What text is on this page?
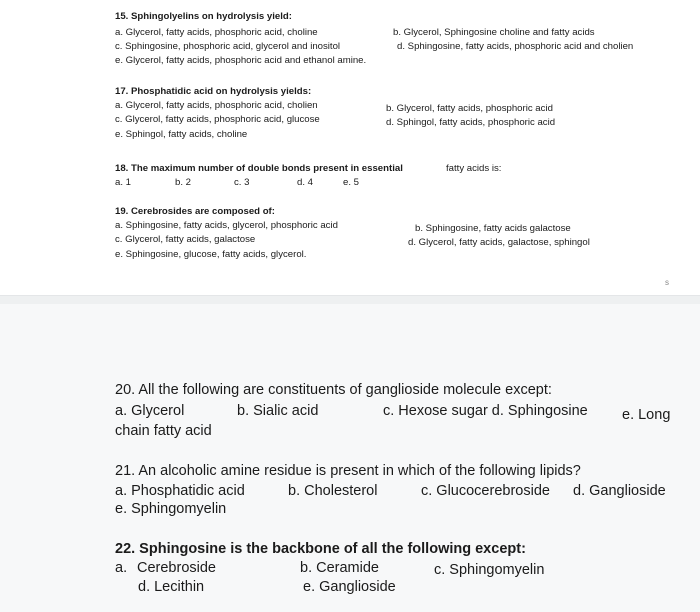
15. Sphingolyelins on hydrolysis yield:
a. Glycerol, fatty acids, phosphoric acid, choline	b. Glycerol, Sphingosine choline and fatty acids
c. Sphingosine, phosphoric acid, glycerol and inositol	d. Sphingosine, fatty acids, phosphoric acid and cholien
e. Glycerol, fatty acids, phosphoric acid and ethanol amine.
17. Phosphatidic acid on hydrolysis yields:
a. Glycerol, fatty acids, phosphoric acid, cholien	b. Glycerol, fatty acids, phosphoric acid
c. Glycerol, fatty acids, phosphoric acid, glucose	d. Sphingol, fatty acids, phosphoric acid
e. Sphingol, fatty acids, choline
18. The maximum number of double bonds present in essential	fatty acids is:
a. 1	b. 2	c. 3	d. 4	e. 5
19. Cerebrosides are composed of:
a. Sphingosine, fatty acids, glycerol, phosphoric acid	b. Sphingosine, fatty acids galactose
c. Glycerol, fatty acids, galactose	d. Glycerol, fatty acids, galactose, sphingol
e. Sphingosine, glucose, fatty acids, glycerol.
s
20. All the following are constituents of ganglioside molecule except:
a. Glycerol	b. Sialic acid	c. Hexose sugar d. Sphingosine e. Long
chain fatty acid
21. An alcoholic amine residue is present in which of the following lipids?
a. Phosphatidic acid	b. Cholesterol	c. Glucocerebroside d. Ganglioside
e. Sphingomyelin
22. Sphingosine is the backbone of all the following except:
a. Cerebroside	b. Ceramide	c. Sphingomyelin
d. Lecithin	e. Ganglioside
